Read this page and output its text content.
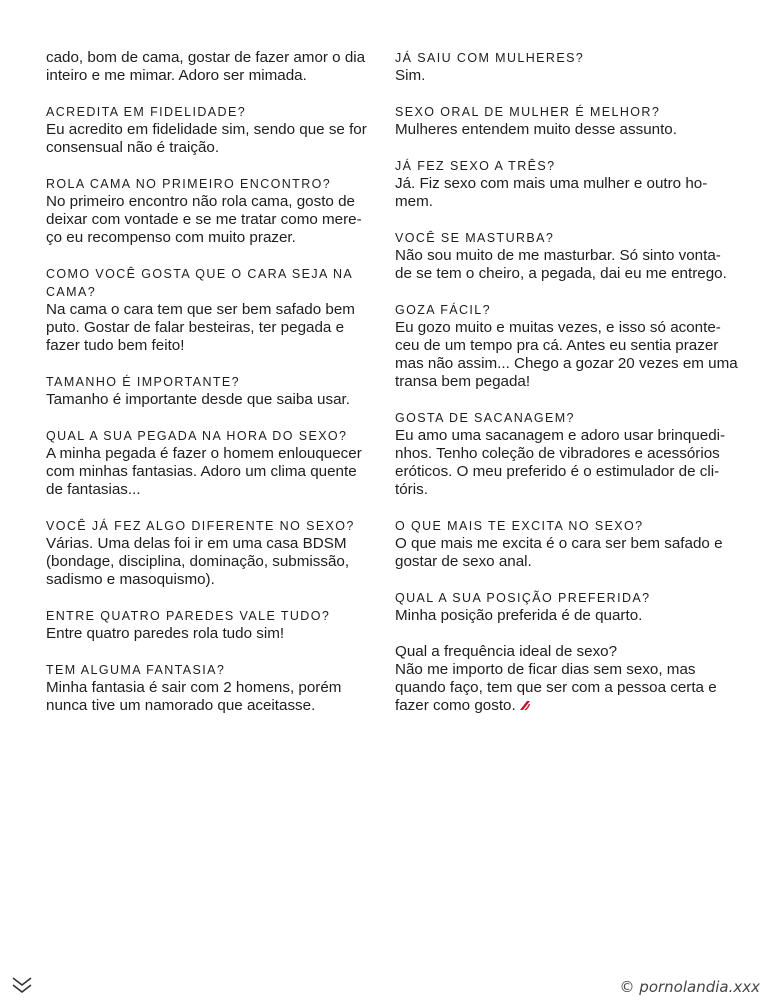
cado, bom de cama, gostar de fazer amor o dia

inteiro e me mimar. Adoro ser mimada.

ACREDITA EM FIDELIDADE?

Eu acredito em fidelidade sim, sendo que se for

consensual não é traição.

ROLA CAMA NO PRIMEIRO ENCONTRO?

No primeiro encontro não rola cama, gosto de

deixar com vontade e se me tratar como mere-

ço eu recompenso com muito prazer.

COMO VOCÊ GOSTA QUE O CARA SEJA NA

CAMA?

Na cama o cara tem que ser bem safado bem

puto. Gostar de falar besteiras, ter pegada e

fazer tudo bem feito!

TAMANHO É IMPORTANTE?

Tamanho é importante desde que saiba usar.

QUAL A SUA PEGADA NA HORA DO SEXO?

A minha pegada é fazer o homem enlouquecer

com minhas fantasias. Adoro um clima quente

de fantasias...

VOCÊ JÁ FEZ ALGO DIFERENTE NO SEXO?

Várias. Uma delas foi ir em uma casa BDSM

(bondage, disciplina, dominação, submissão,

sadismo e masoquismo).

ENTRE QUATRO PAREDES VALE TUDO?

Entre quatro paredes rola tudo sim!

TEM ALGUMA FANTASIA?

Minha fantasia é sair com 2 homens, porém

nunca tive um namorado que aceitasse.

JÁ SAIU COM MULHERES?

Sim.

SEXO ORAL DE MULHER É MELHOR?

Mulheres entendem muito desse assunto.

JÁ FEZ SEXO A TRÊS?

Já. Fiz sexo com mais uma mulher e outro ho-

mem.

VOCÊ SE MASTURBA?

Não sou muito de me masturbar. Só sinto vonta-

de se tem o cheiro, a pegada, dai eu me entrego.

GOZA FÁCIL?

Eu gozo muito e muitas vezes, e isso só aconte-

ceu de um tempo pra cá. Antes eu sentia prazer

mas não assim... Chego a gozar 20 vezes em uma

transa bem pegada!

GOSTA DE SACANAGEM?

Eu amo uma sacanagem e adoro usar brinquedi-

nhos. Tenho coleção de vibradores e acessórios

eróticos. O meu preferido é o estimulador de cli-

tóris.

O QUE MAIS TE EXCITA NO SEXO?

O que mais me excita é o cara ser bem safado e

gostar de sexo anal.

QUAL A SUA POSIÇÃO PREFERIDA?

Minha posição preferida é de quarto.

Qual a frequência ideal de sexo?

Não me importo de ficar dias sem sexo, mas

quando faço, tem que ser com a pessoa certa e

fazer como gosto.

© pornolandia.xxx
